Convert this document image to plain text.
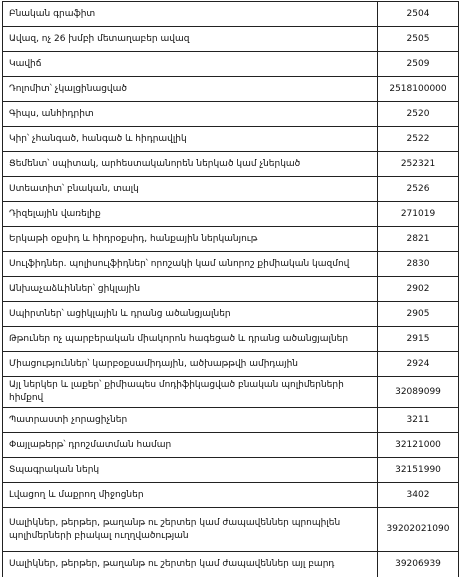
Բնական գրաֆիտ	2504
Ավազ, ոչ 26 խմբի մետաղաբեր ավազ	2505
Կավիճ	2509
Դոլոմիտ՝ չկալցինացված	2518100000
Գիպս, անհիդրիտ	2520
Կիր՝ չհանգած, հանգած և հիդրավլիկ	2522
Ցեմենտ՝ սպիտակ, արհեստականորեն ներկած կամ չներկած	252321
Ստեատիտ՝ բնական, տալկ	2526
Դիզելային վառելիք	271019
Երկաթի օքսիդ և հիդրօքսիդ, հանքային ներկանյութ	2821
Սուլֆիդներ. պոլիսուլֆիդներ՝ որոշակի կամ անորոշ քիմիական կազմով	2830
Անխաչաձևիններ՝ ցիկլային	2902
Սպիրտներ՝ ացիկլային և դրանց ածանցյալներ	2905
Թթուներ ոչ պարբերական միակորոն հագեցած և դրանց ածանցյալներ	2915
Միացություններ՝ կարբօքսամիդային, ածխաթթվի ամիդային	2924
Այլ ներկեր և լաքեր՝ քիմիապես մոդիֆիկացված բնական պոլիմերների հիմքով	32089099
Պատրաստի չորացիչներ	3211
Փայլաթերթ՝ դրոշմատման համար	32121000
Տպագրական ներկ	32151990
Լվացող և մաքրող միջոցներ	3402
Սալիկներ, թերթեր, թաղանթ ու շերտեր կամ ժապավեններ պրոպիլեն պոլիմերների բիակալ ուղղվածության	39202021090
Սալիկներ, թերթեր, թաղանթ ու շերտեր կամ ժապավեններ այլ բարդ	39206939
